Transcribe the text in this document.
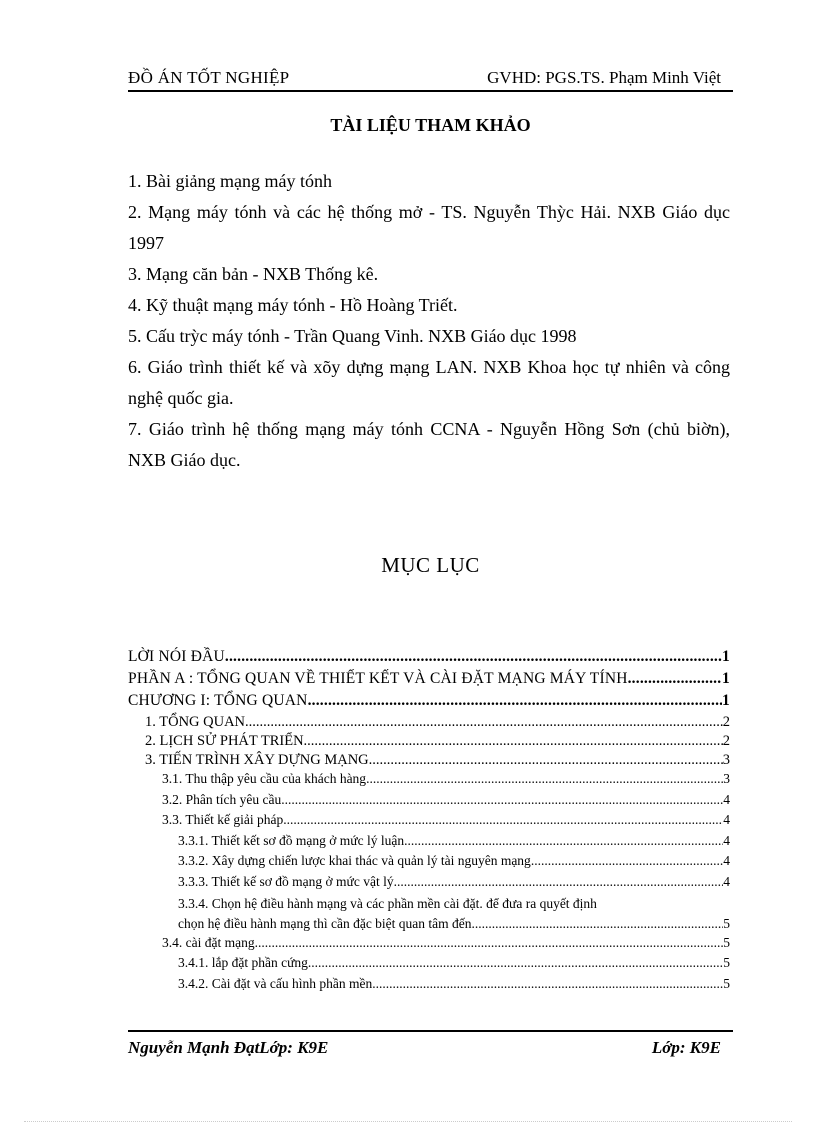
ĐỒ ÁN TỐT NGHIỆP	GVHD: PGS.TS. Phạm Minh Việt
TÀI LIỆU THAM KHẢO
1. Bài giảng mạng máy tónh
2. Mạng máy tónh và các hệ thống mở - TS. Nguyễn Thỳc Hải. NXB Giáo dục 1997
3. Mạng căn bản - NXB Thống kê.
4. Kỹ thuật mạng máy tónh - Hồ Hoàng Triết.
5. Cấu trỳc máy tónh - Trần Quang Vinh. NXB Giáo dục 1998
6. Giáo trình thiết kế và xõy dựng mạng LAN. NXB Khoa học tự nhiên và công nghệ quốc gia.
7. Giáo trình hệ thống mạng máy tónh CCNA - Nguyễn Hồng Sơn (chủ biờn), NXB Giáo dục.
MỤC LỤC
LỜI NÓI ĐẦU .....	1
PHẦN A : TỔNG QUAN VỀ THIẾT KẾT VÀ CÀI ĐẶT MẠNG MÁY TÍNH .....	1
CHƯƠNG I: TỔNG QUAN .....	1
1. TỔNG QUAN .....	2
2. LỊCH SỬ PHÁT TRIỂN .....	2
3. TIẾN TRÌNH XÂY DỰNG MẠNG .....	3
3.1. Thu thập yêu cầu của khách hàng .....	3
3.2. Phân tích yêu cầu .....	4
3.3. Thiết kế giải pháp .....	4
3.3.1. Thiết kết sơ đồ mạng ở mức lý luận .....	4
3.3.2. Xây dựng chiến lược khai thác và quản lý tài nguyên mạng .....	4
3.3.3. Thiết kế sơ đồ mạng ở mức vật lý .....	4
3.3.4. Chọn hệ điều hành mạng và các phần mền cài đặt. để đưa ra quyết định
chọn hệ điều hành mạng thì cần đặc biệt quan tâm đến .....	5
3.4. cài đặt mạng .....	5
3.4.1. lắp đặt phần cứng .....	5
3.4.2. Cài đặt và cấu hình phần mền .....	5
Nguyễn Mạnh ĐạtLớp: K9E	Lớp: K9E
